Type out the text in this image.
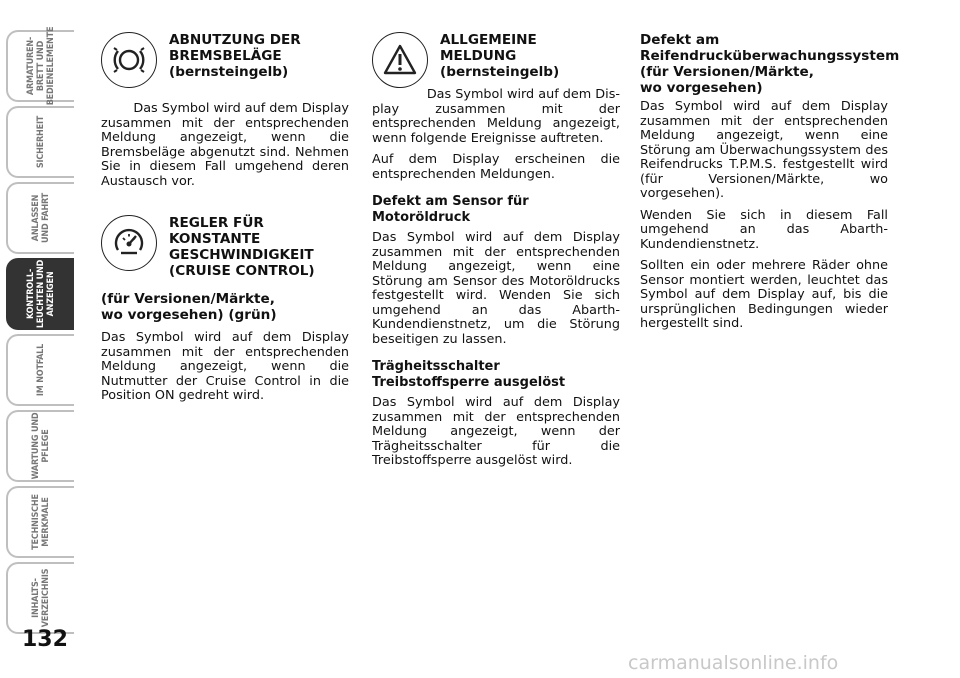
ARMATUREN-
BRETT UND
BEDIENELEMENTE
SICHERHEIT
ANLASSEN
UND FAHRT
KONTROLL-
LEUCHTEN UND
ANZEIGEN
IM NOTFALL
WARTUNG UND
PFLEGE
TECHNISCHE
MERKMALE
INHALTS-
VERZEICHNIS
132
ABNUTZUNG DER
BREMSBELÄGE
(bernsteingelb)

Das Symbol wird auf dem Display

zusammen mit der entsprechenden Meldung angezeigt, wenn die Bremsbeläge abgenutzt sind. Nehmen Sie in diesem Fall umgehend deren Austausch vor.

REGLER FÜR
KONSTANTE
GESCHWINDIGKEIT
(CRUISE CONTROL)
(für Versionen/Märkte,
wo vorgesehen) (grün)

Das Symbol wird auf dem Display zusammen mit der entsprechenden Meldung angezeigt, wenn die Nutmutter der Cruise Control in die Position ON gedreht wird.

ALLGEMEINE
MELDUNG
(bernsteingelb)

Das Symbol wird auf dem Dis-

play zusammen mit der entsprechenden Meldung angezeigt, wenn folgende Ereignisse auftreten.

Auf dem Display erscheinen die entsprechenden Meldungen.

Defekt am Sensor für
Motoröldruck

Das Symbol wird auf dem Display zusammen mit der entsprechenden Meldung angezeigt, wenn eine Störung am Sensor des Motoröldrucks festgestellt wird. Wenden Sie sich umgehend an das Abarth-Kundendienstnetz, um die Störung beseitigen zu lassen.

Trägheitsschalter
Treibstoffsperre ausgelöst

Das Symbol wird auf dem Display zusammen mit der entsprechenden Meldung angezeigt, wenn der Trägheitsschalter für die Treibstoffsperre ausgelöst wird.

Defekt am
Reifendrucküberwachungssystem
(für Versionen/Märkte,
wo vorgesehen)

Das Symbol wird auf dem Display zusammen mit der entsprechenden Meldung angezeigt, wenn eine Störung am Überwachungssystem des Reifendrucks T.P.M.S. festgestellt wird (für Versionen/Märkte, wo vorgesehen).

Wenden Sie sich in diesem Fall umgehend an das Abarth-Kundendienstnetz.

Sollten ein oder mehrere Räder ohne Sensor montiert werden, leuchtet das Symbol auf dem Display auf, bis die ursprünglichen Bedingungen wieder hergestellt sind.

carmanualsonline.info
